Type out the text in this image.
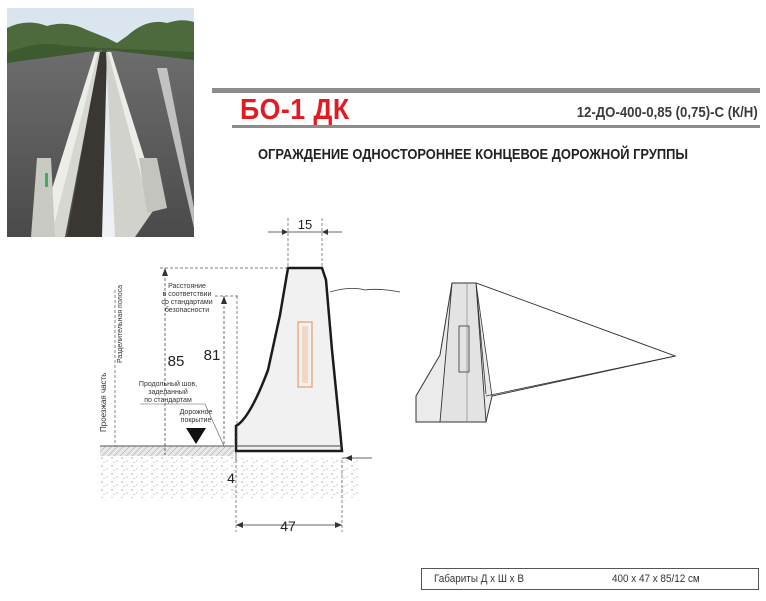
БО-1 ДК	12-ДО-400-0,85 (0,75)-С (К/Н)
ОГРАЖДЕНИЕ ОДНОСТОРОННЕЕ КОНЦЕВОЕ ДОРОЖНОЙ ГРУППЫ
15
85 81
Расстояние
в соответствии
со стандартами
безопасности
Разделительная полоса
Проезжая часть	Продольный шов,
заделанный
по стандартам
Дорожное
покрытие
4
47
Габариты Д х Ш х В	400 х 47 х 85/12 см
